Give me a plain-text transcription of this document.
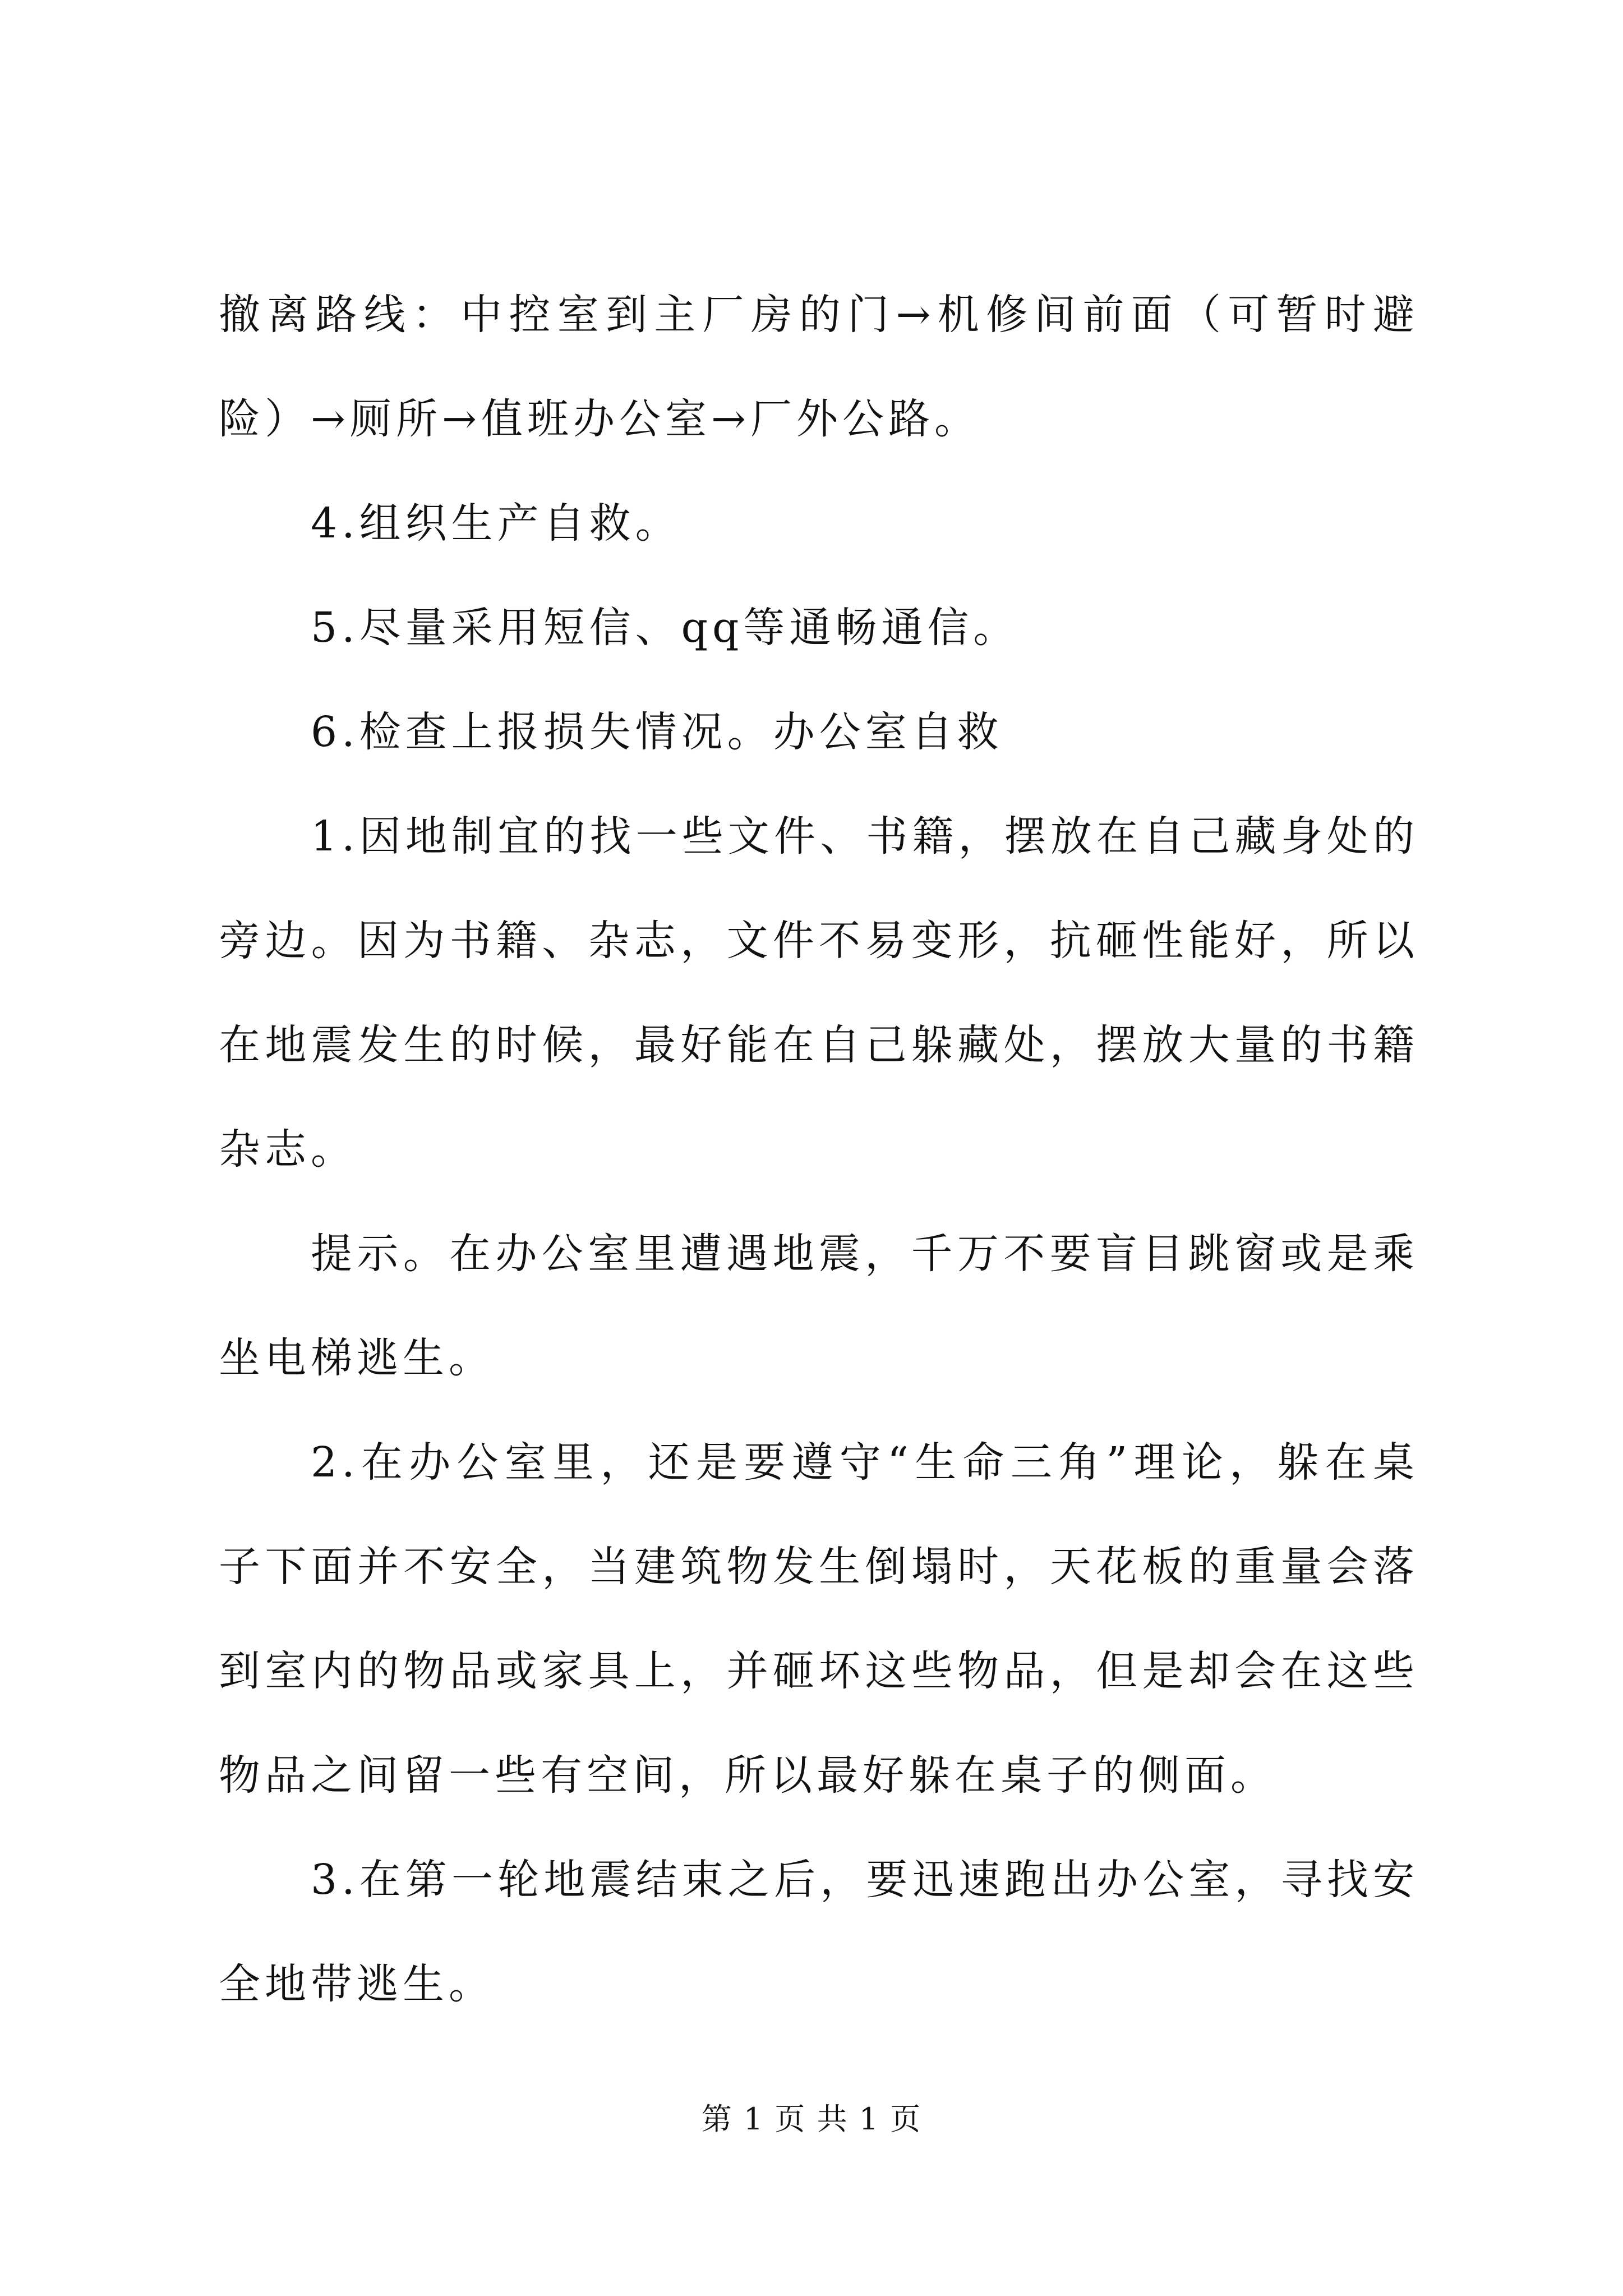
撤离路线：中控室到主厂房的门→机修间前面（可暂时避险）→厕所→值班办公室→厂外公路。

4.组织生产自救。

5.尽量采用短信、qq等通畅通信。

6.检查上报损失情况。办公室自救

1.因地制宜的找一些文件、书籍，摆放在自己藏身处的旁边。因为书籍、杂志，文件不易变形，抗砸性能好，所以在地震发生的时候，最好能在自己躲藏处，摆放大量的书籍杂志。

提示。在办公室里遭遇地震，千万不要盲目跳窗或是乘坐电梯逃生。

2.在办公室里，还是要遵守“生命三角”理论，躲在桌子下面并不安全，当建筑物发生倒塌时，天花板的重量会落到室内的物品或家具上，并砸坏这些物品，但是却会在这些物品之间留一些有空间，所以最好躲在桌子的侧面。

3.在第一轮地震结束之后，要迅速跑出办公室，寻找安全地带逃生。

第 1 页 共 1 页
